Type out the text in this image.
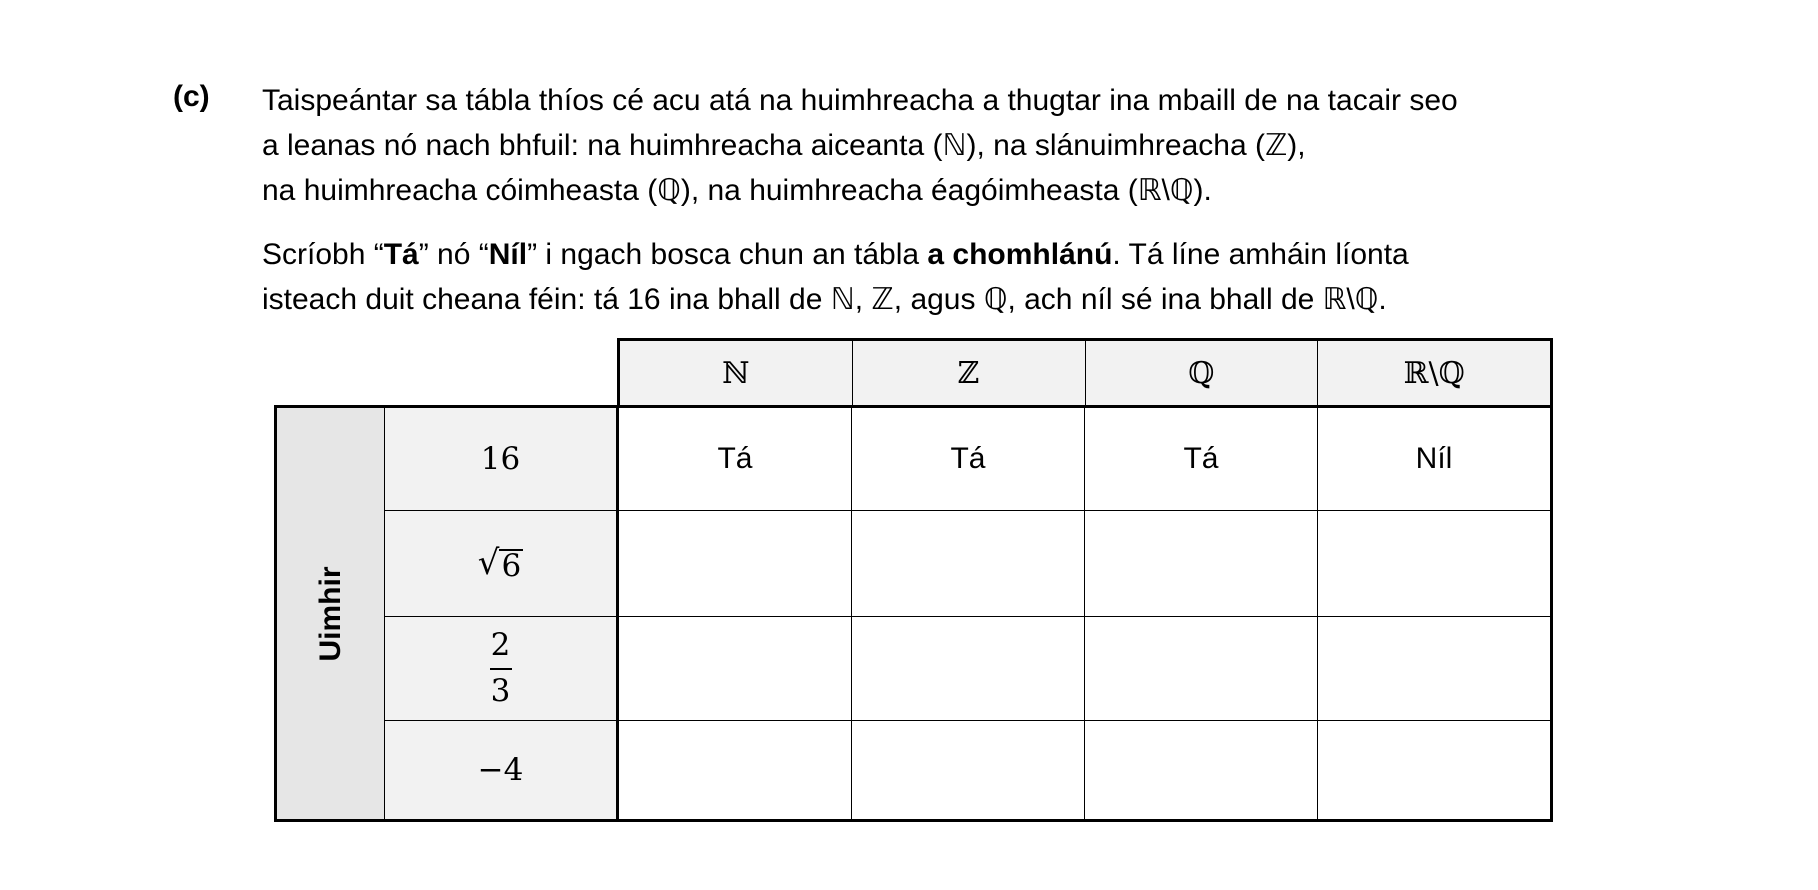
(c) Taispeántar sa tábla thíos cé acu atá na huimhreacha a thugtar ina mbaill de na tacair seo
a leanas nó nach bhfuil: na huimhreacha aiceanta (ℕ), na slánuimhreacha (ℤ),
na huimhreacha cóimheasta (ℚ), na huimhreacha éagóimheasta (ℝ\ℚ).
Scríobh “Tá” nó “Níl” i ngach bosca chun an tábla a chomhlánú. Tá líne amháin líonta
isteach duit cheana féin: tá 16 ina bhall de ℕ, ℤ, agus ℚ, ach níl sé ina bhall de ℝ\ℚ.
ℕ	ℤ	ℚ	ℝ\ℚ
Uimhir
16	Tá	Tá	Tá	Níl
√ 6
$\frac{2}{3}$
−4
